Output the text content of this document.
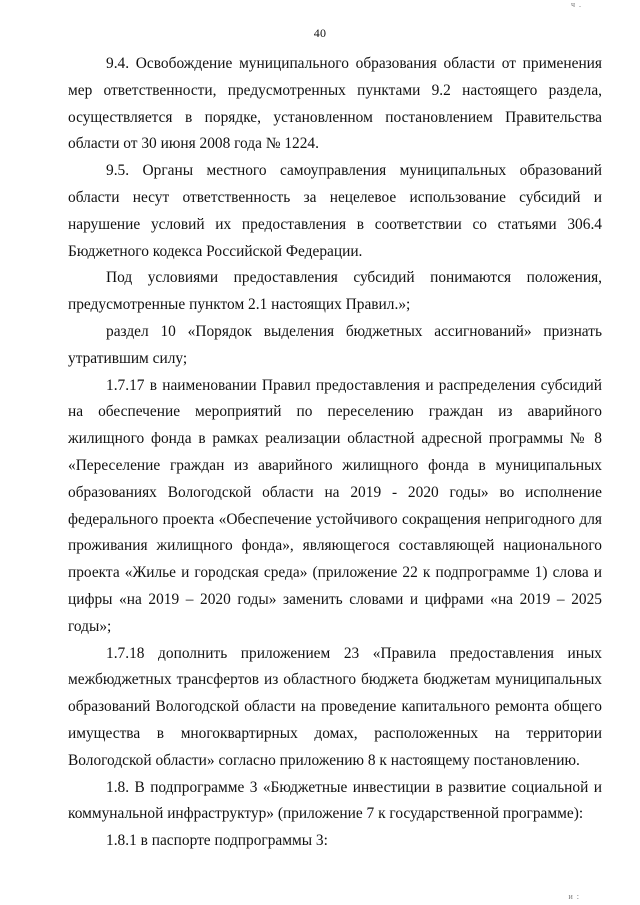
ч .
40

9.4. Освобождение муниципального образования области от применения мер ответственности, предусмотренных пунктами 9.2 настоящего раздела, осуществляется в порядке, установленном постановлением Правительства области от 30 июня 2008 года № 1224.

9.5. Органы местного самоуправления муниципальных образований области несут ответственность за нецелевое использование субсидий и нарушение условий их предоставления в соответствии со статьями 306.4 Бюджетного кодекса Российской Федерации.

Под условиями предоставления субсидий понимаются положения, предусмотренные пунктом 2.1 настоящих Правил.»;

раздел 10 «Порядок выделения бюджетных ассигнований» признать утратившим силу;

1.7.17 в наименовании Правил предоставления и распределения субсидий на обеспечение мероприятий по переселению граждан из аварийного жилищного фонда в рамках реализации областной адресной программы № 8 «Переселение граждан из аварийного жилищного фонда в муниципальных образованиях Вологодской области на 2019 - 2020 годы» во исполнение федерального проекта «Обеспечение устойчивого сокращения непригодного для проживания жилищного фонда», являющегося составляющей национального проекта «Жилье и городская среда» (приложение 22 к подпрограмме 1) слова и цифры «на 2019 – 2020 годы» заменить словами и цифрами «на 2019 – 2025 годы»;

1.7.18 дополнить приложением 23 «Правила предоставления иных межбюджетных трансфертов из областного бюджета бюджетам муниципальных образований Вологодской области на проведение капитального ремонта общего имущества в многоквартирных домах, расположенных на территории Вологодской области» согласно приложению 8 к настоящему постановлению.

1.8. В подпрограмме 3 «Бюджетные инвестиции в развитие социальной и коммунальной инфраструктур» (приложение 7 к государственной программе):

1.8.1 в паспорте подпрограммы 3:

и :
